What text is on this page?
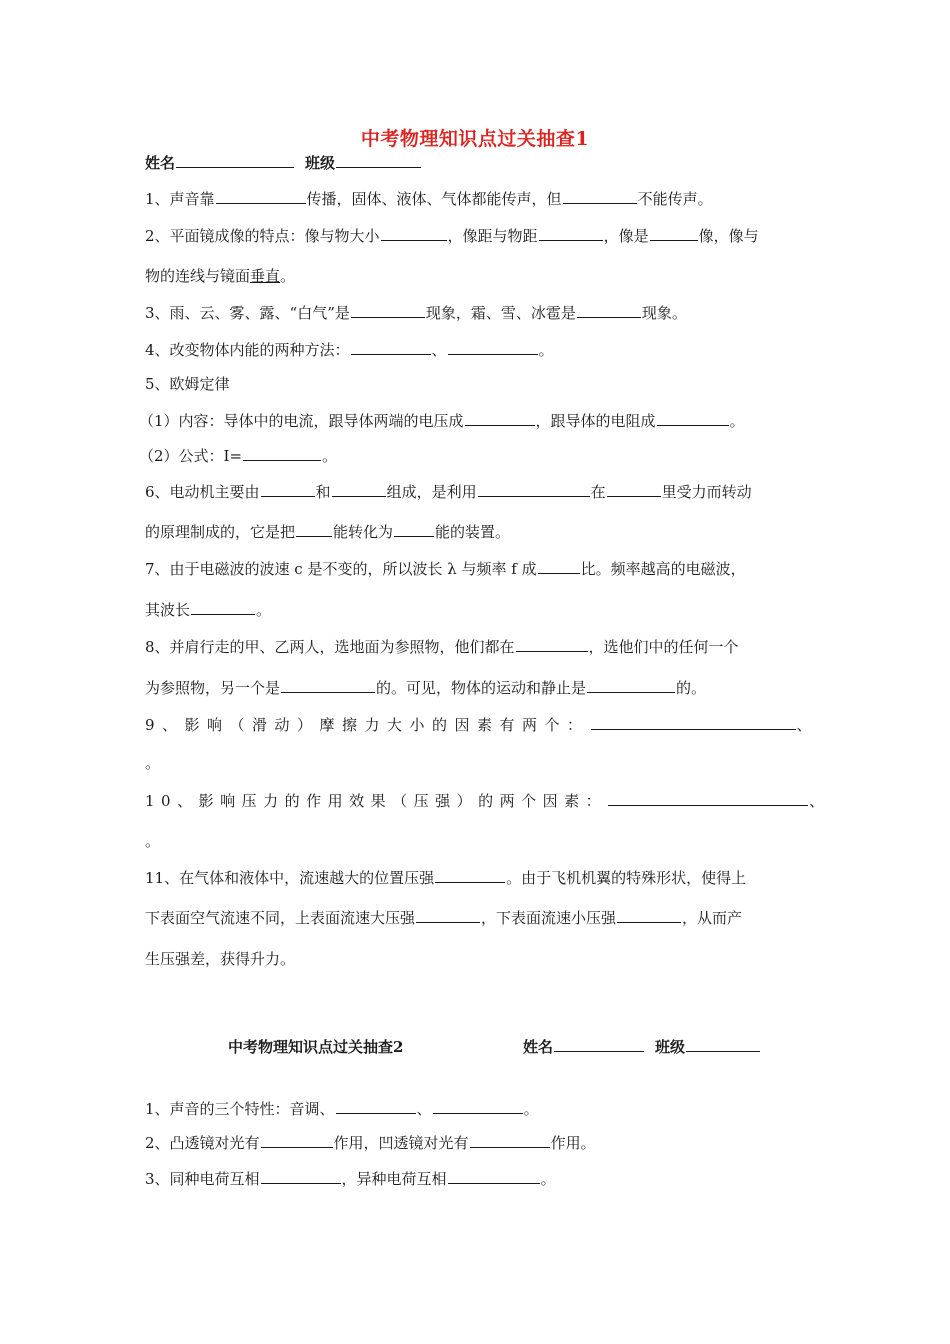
中考物理知识点过关抽查1
姓名	班级
1、声音靠	传播，固体、液体、气体都能传声，但	不能传声。
2、平面镜成像的特点：像与物大小	，像距与物距	，像是	像，像与
物的连线与镜面垂直。
3、雨、云、雾、露、“白气”是	现象，霜、雪、冰雹是	现象。
4、改变物体内能的两种方法：	、	。
5、欧姆定律
（1）内容：导体中的电流，跟导体两端的电压成	，跟导体的电阻成	。
（2）公式：I=	。
6、电动机主要由	和	组成，是利用	在	里受力而转动
的原理制成的，它是把	能转化为	能的装置。
7、由于电磁波的波速 c 是不变的，所以波长 λ 与频率 f 成	比。频率越高的电磁波，
其波长	。
8、并肩行走的甲、乙两人，选地面为参照物，他们都在	，选他们中的任何一个
为参照物，另一个是	的。可见，物体的运动和静止是	的。
9、影响（滑动）摩擦力大小的因素有两个：	、
。
10、影响压力的作用效果（压强）的两个因素：	、
。
11、在气体和液体中，流速越大的位置压强	。由于飞机机翼的特殊形状，使得上
下表面空气流速不同，上表面流速大压强	，下表面流速小压强	，从而产
生压强差，获得升力。
中考物理知识点过关抽查2	姓名	班级
1、声音的三个特性：音调、	、	。
2、凸透镜对光有	作用，凹透镜对光有	作用。
3、同种电荷互相	，异种电荷互相	。
